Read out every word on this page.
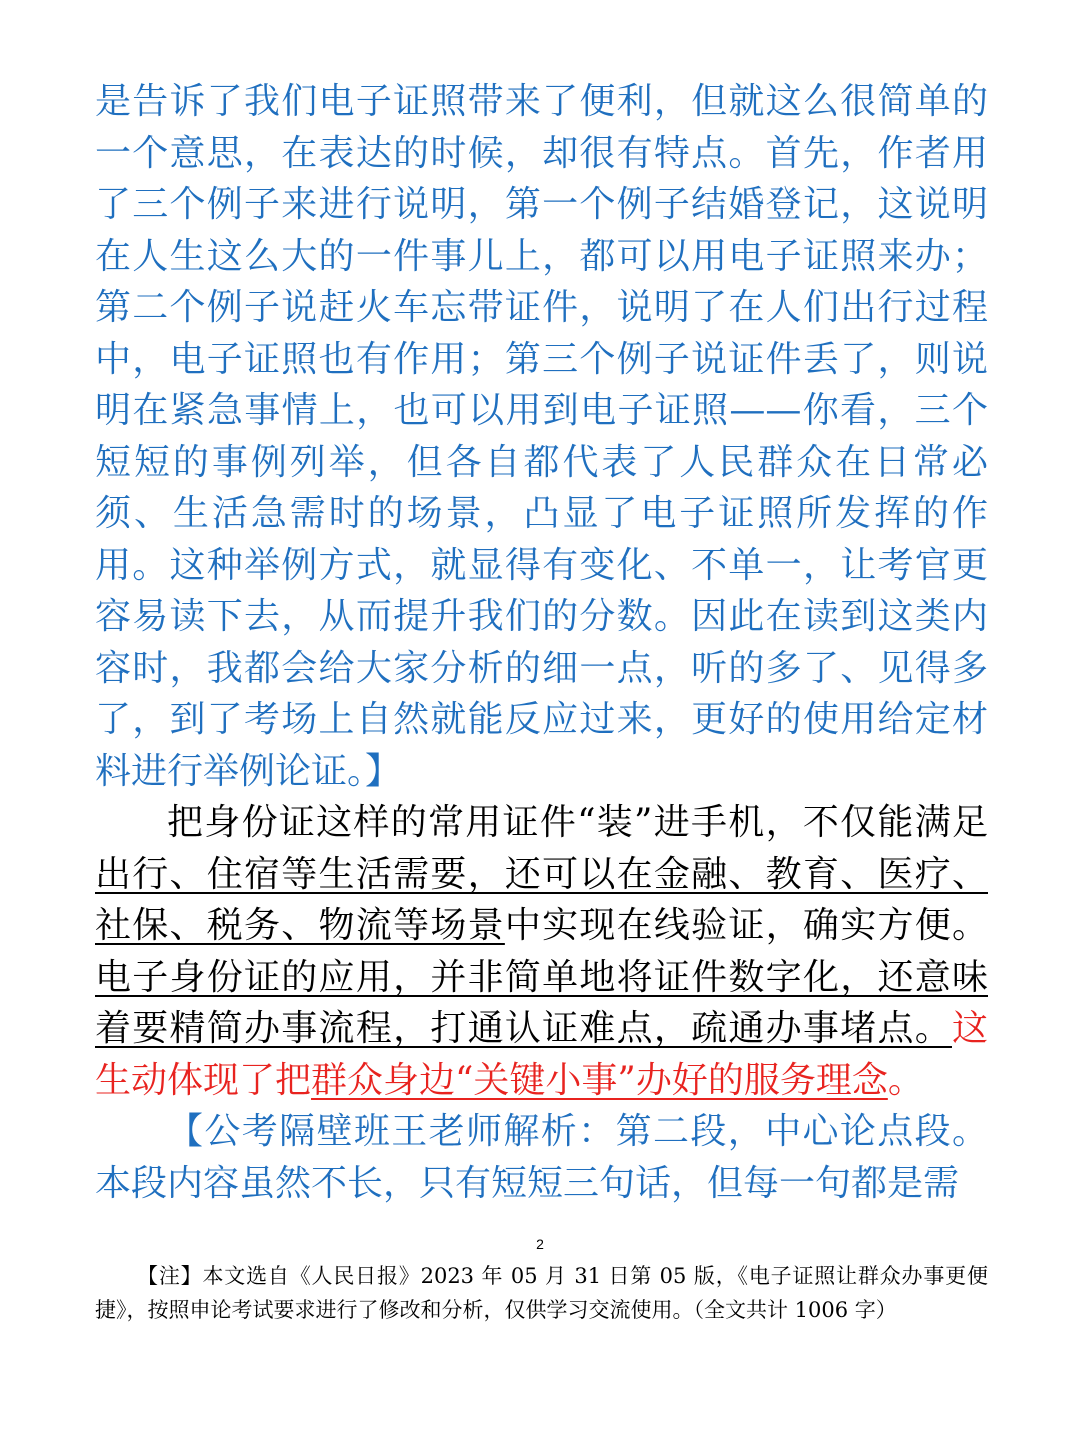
是告诉了我们电子证照带来了便利，但就这么很简单的一个意思，在表达的时候，却很有特点。首先，作者用了三个例子来进行说明，第一个例子结婚登记，这说明在人生这么大的一件事儿上，都可以用电子证照来办；第二个例子说赶火车忘带证件，说明了在人们出行过程中，电子证照也有作用；第三个例子说证件丢了，则说明在紧急事情上，也可以用到电子证照——你看，三个短短的事例列举，但各自都代表了人民群众在日常必须、生活急需时的场景，凸显了电子证照所发挥的作用。这种举例方式，就显得有变化、不单一，让考官更容易读下去，从而提升我们的分数。因此在读到这类内容时，我都会给大家分析的细一点，听的多了、见得多了，到了考场上自然就能反应过来，更好的使用给定材料进行举例论证。】

把身份证这样的常用证件“装”进手机，不仅能满足出行、住宿等生活需要，还可以在金融、教育、医疗、社保、税务、物流等场景中实现在线验证，确实方便。电子身份证的应用，并非简单地将证件数字化，还意味着要精简办事流程，打通认证难点，疏通办事堵点。这生动体现了把群众身边“关键小事”办好的服务理念。

【公考隔壁班王老师解析：第二段，中心论点段。本段内容虽然不长，只有短短三句话，但每一句都是需

2
【注】本文选自《人民日报》2023 年 05 月 31 日第 05 版，《电子证照让群众办事更便捷》，按照申论考试要求进行了修改和分析，仅供学习交流使用。（全文共计 1006 字）
